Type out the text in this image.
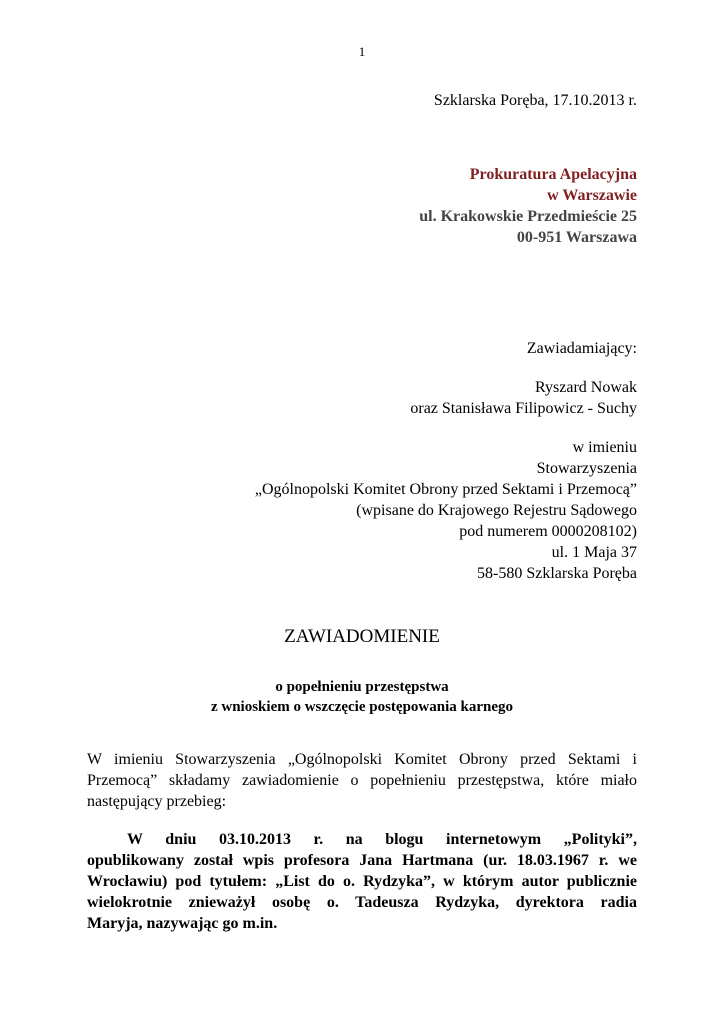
1
Szklarska Poręba, 17.10.2013 r.
Prokuratura Apelacyjna
w Warszawie
ul. Krakowskie Przedmieście 25
00-951 Warszawa
Zawiadamiający:
Ryszard Nowak
oraz Stanisława Filipowicz - Suchy
w imieniu
Stowarzyszenia
„Ogólnopolski Komitet Obrony przed Sektami i Przemocą”
(wpisane do Krajowego Rejestru Sądowego
pod numerem 0000208102)
ul. 1 Maja 37
58-580 Szklarska Poręba
ZAWIADOMIENIE
o popełnieniu przestępstwa
z wnioskiem o wszczęcie postępowania karnego
W imieniu Stowarzyszenia „Ogólnopolski Komitet Obrony przed Sektami i
Przemocą” składamy zawiadomienie o popełnieniu przestępstwa, które miało
następujący przebieg:
W dniu 03.10.2013 r. na blogu internetowym „Polityki”,
opublikowany został wpis profesora Jana Hartmana (ur. 18.03.1967 r. we
Wrocławiu) pod tytułem: „List do o. Rydzyka”, w którym autor publicznie
wielokrotnie znieważył osobę o. Tadeusza Rydzyka, dyrektora radia
Maryja, nazywając go m.in.
